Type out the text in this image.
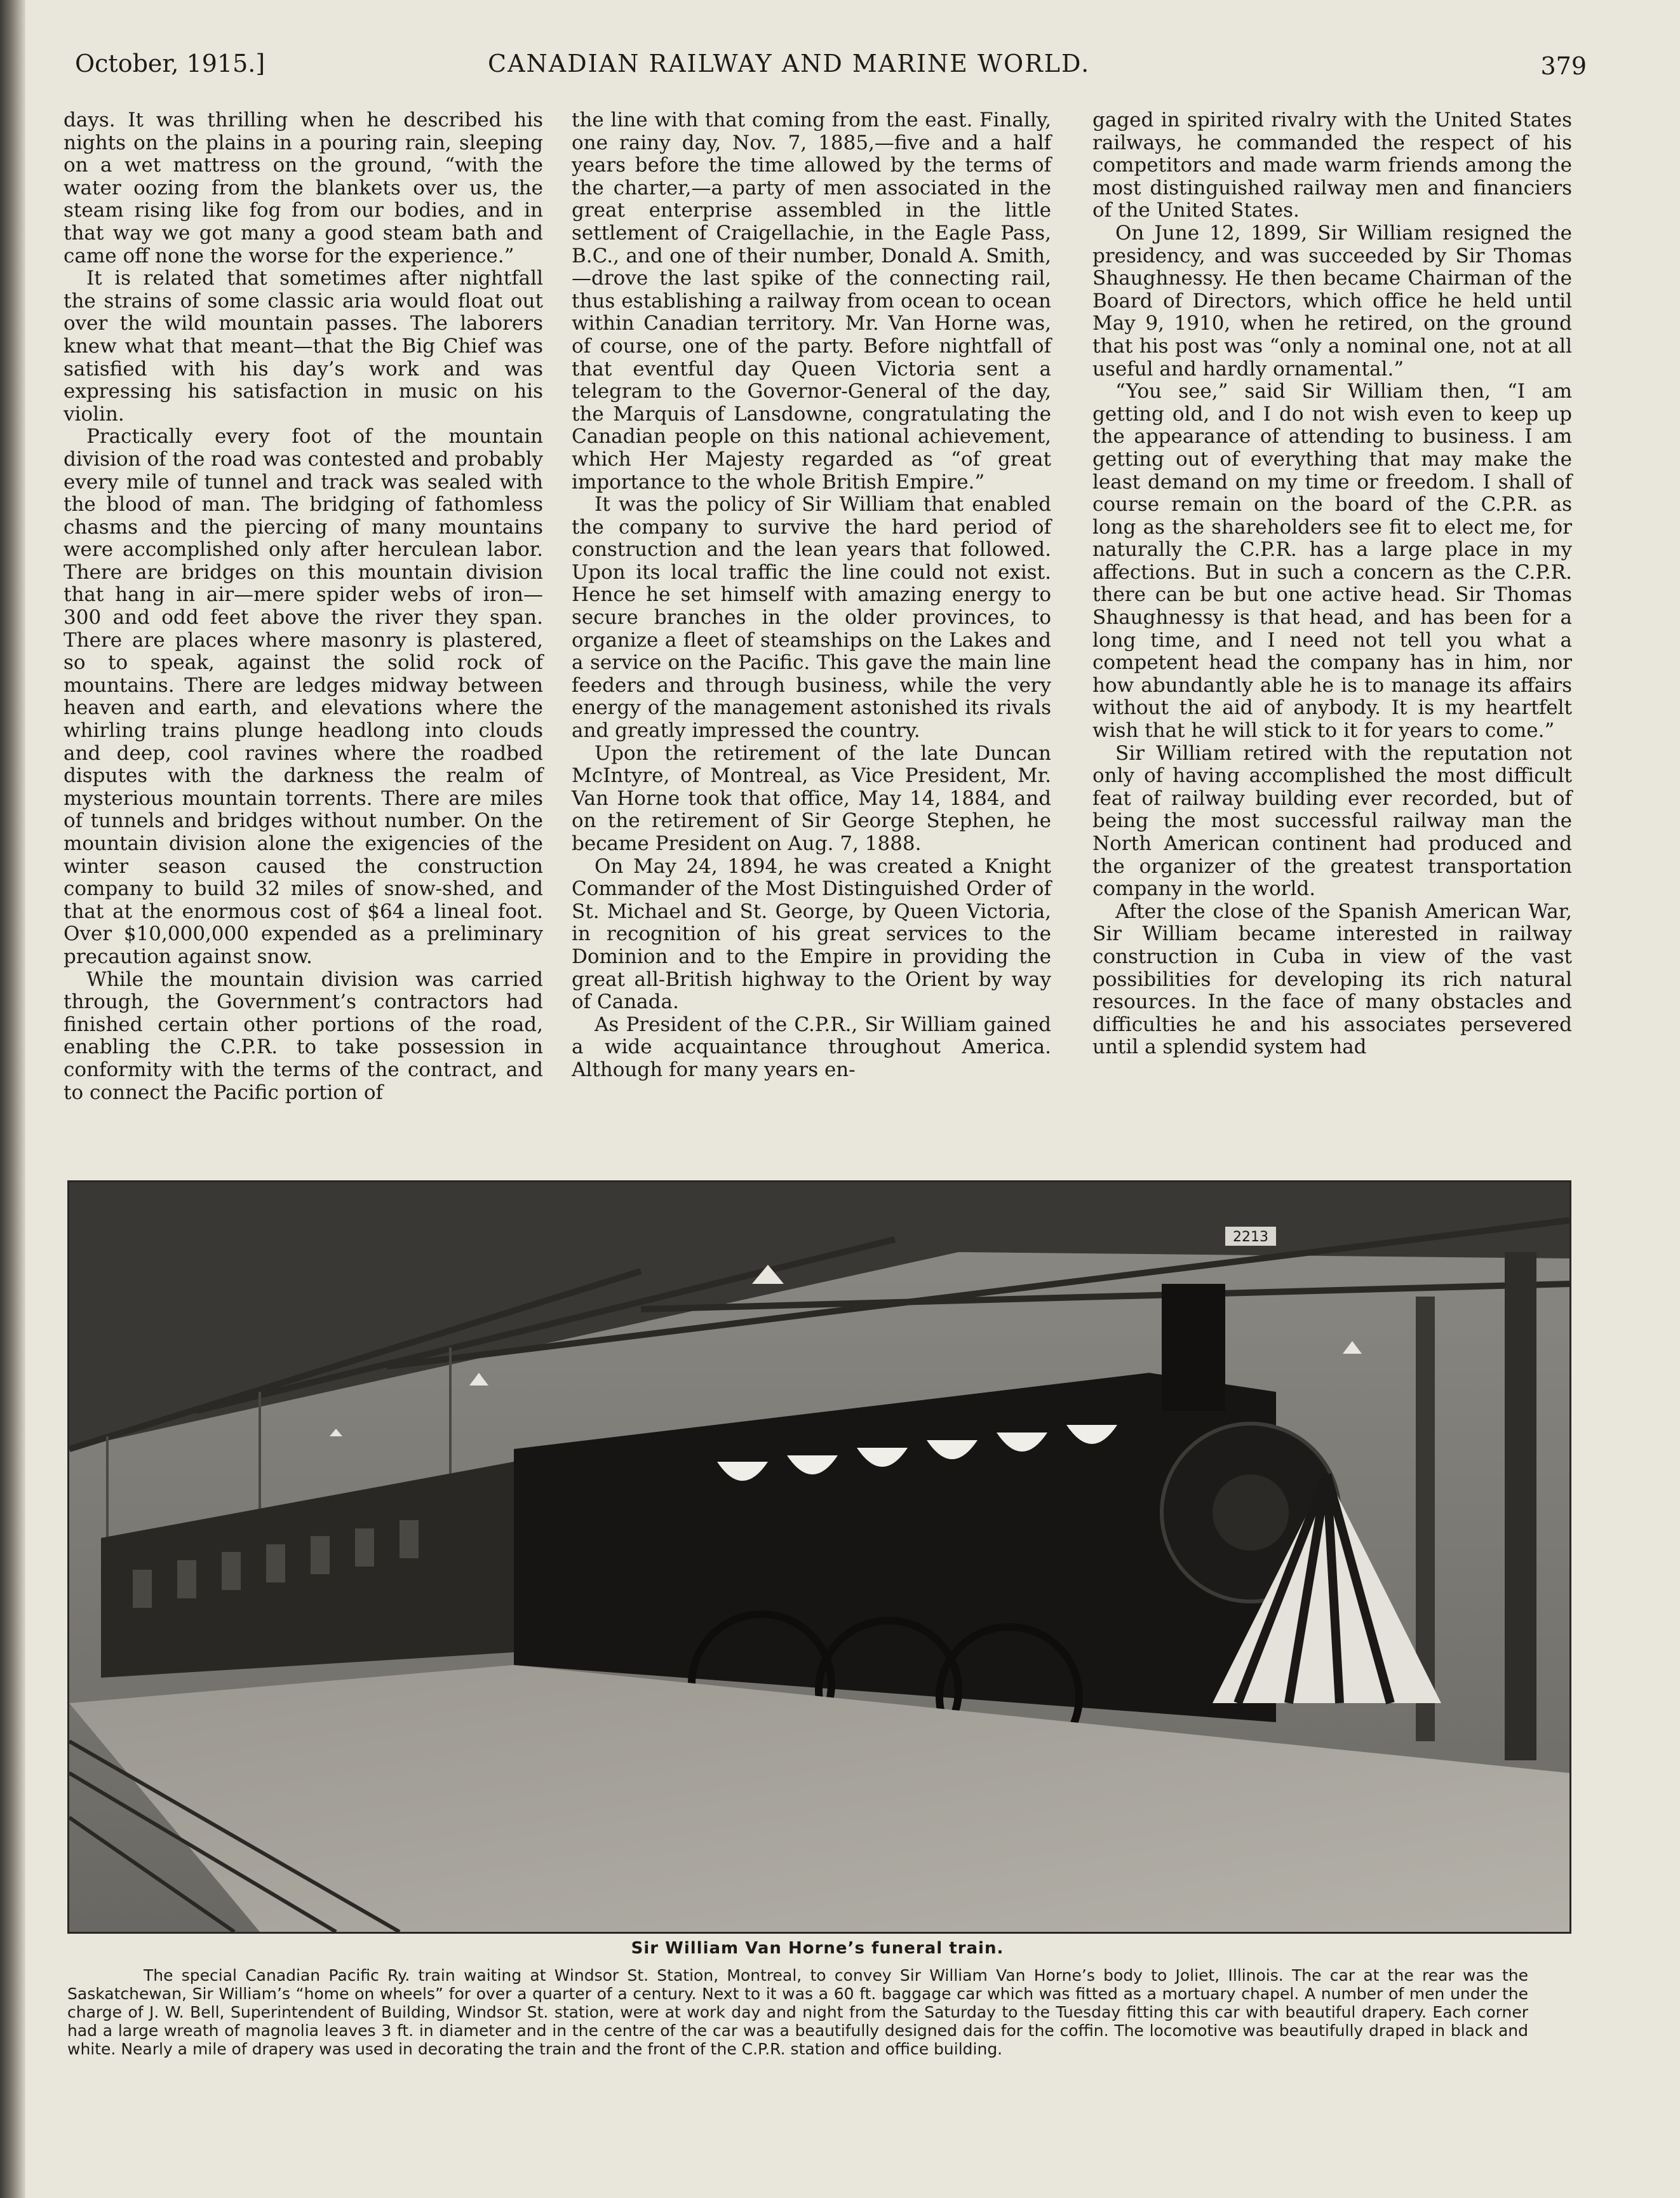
October, 1915.]	CANADIAN RAILWAY AND MARINE WORLD.	379

days. It was thrilling when he described his nights on the plains in a pouring rain, sleeping on a wet mattress on the ground, “with the water oozing from the blankets over us, the steam rising like fog from our bodies, and in that way we got many a good steam bath and came off none the worse for the experience.”

It is related that sometimes after nightfall the strains of some classic aria would float out over the wild mountain passes. The laborers knew what that meant—that the Big Chief was satisfied with his day’s work and was expressing his satisfaction in music on his violin.

Practically every foot of the mountain division of the road was contested and probably every mile of tunnel and track was sealed with the blood of man. The bridging of fathomless chasms and the piercing of many mountains were accomplished only after herculean labor. There are bridges on this mountain division that hang in air—mere spider webs of iron—300 and odd feet above the river they span. There are places where masonry is plastered, so to speak, against the solid rock of mountains. There are ledges midway between heaven and earth, and elevations where the whirling trains plunge headlong into clouds and deep, cool ravines where the roadbed disputes with the darkness the realm of mysterious mountain torrents. There are miles of tunnels and bridges without number. On the mountain division alone the exigencies of the winter season caused the construction company to build 32 miles of snow-shed, and that at the enormous cost of $64 a lineal foot. Over $10,000,000 expended as a preliminary precaution against snow.

While the mountain division was carried through, the Government’s contractors had finished certain other portions of the road, enabling the C.P.R. to take possession in conformity with the terms of the contract, and to connect the Pacific portion of

the line with that coming from the east. Finally, one rainy day, Nov. 7, 1885,—five and a half years before the time allowed by the terms of the charter,—a party of men associated in the great enterprise assembled in the little settlement of Craigellachie, in the Eagle Pass, B.C., and one of their number, Donald A. Smith,—drove the last spike of the connecting rail, thus establishing a railway from ocean to ocean within Canadian territory. Mr. Van Horne was, of course, one of the party. Before nightfall of that eventful day Queen Victoria sent a telegram to the Governor-General of the day, the Marquis of Lansdowne, congratulating the Canadian people on this national achievement, which Her Majesty regarded as “of great importance to the whole British Empire.”

It was the policy of Sir William that enabled the company to survive the hard period of construction and the lean years that followed. Upon its local traffic the line could not exist. Hence he set himself with amazing energy to secure branches in the older provinces, to organize a fleet of steamships on the Lakes and a service on the Pacific. This gave the main line feeders and through business, while the very energy of the management astonished its rivals and greatly impressed the country.

Upon the retirement of the late Duncan McIntyre, of Montreal, as Vice President, Mr. Van Horne took that office, May 14, 1884, and on the retirement of Sir George Stephen, he became President on Aug. 7, 1888.

On May 24, 1894, he was created a Knight Commander of the Most Distinguished Order of St. Michael and St. George, by Queen Victoria, in recognition of his great services to the Dominion and to the Empire in providing the great all-British highway to the Orient by way of Canada.

As President of the C.P.R., Sir William gained a wide acquaintance throughout America. Although for many years en-

gaged in spirited rivalry with the United States railways, he commanded the respect of his competitors and made warm friends among the most distinguished railway men and financiers of the United States.

On June 12, 1899, Sir William resigned the presidency, and was succeeded by Sir Thomas Shaughnessy. He then became Chairman of the Board of Directors, which office he held until May 9, 1910, when he retired, on the ground that his post was “only a nominal one, not at all useful and hardly ornamental.”

“You see,” said Sir William then, “I am getting old, and I do not wish even to keep up the appearance of attending to business. I am getting out of everything that may make the least demand on my time or freedom. I shall of course remain on the board of the C.P.R. as long as the shareholders see fit to elect me, for naturally the C.P.R. has a large place in my affections. But in such a concern as the C.P.R. there can be but one active head. Sir Thomas Shaughnessy is that head, and has been for a long time, and I need not tell you what a competent head the company has in him, nor how abundantly able he is to manage its affairs without the aid of anybody. It is my heartfelt wish that he will stick to it for years to come.”

Sir William retired with the reputation not only of having accomplished the most difficult feat of railway building ever recorded, but of being the most successful railway man the North American continent had produced and the organizer of the greatest transportation company in the world.

After the close of the Spanish American War, Sir William became interested in railway construction in Cuba in view of the vast possibilities for developing its rich natural resources. In the face of many obstacles and difficulties he and his associates persevered until a splendid system had

2213
Sir William Van Horne’s funeral train.
The special Canadian Pacific Ry. train waiting at Windsor St. Station, Montreal, to convey Sir William Van Horne’s body to Joliet, Illinois. The car at the rear was the Saskatchewan, Sir William’s “home on wheels” for over a quarter of a century. Next to it was a 60 ft. baggage car which was fitted as a mortuary chapel. A number of men under the charge of J. W. Bell, Superintendent of Building, Windsor St. station, were at work day and night from the Saturday to the Tuesday fitting this car with beautiful drapery. Each corner had a large wreath of magnolia leaves 3 ft. in diameter and in the centre of the car was a beautifully designed dais for the coffin. The locomotive was beautifully draped in black and white. Nearly a mile of drapery was used in decorating the train and the front of the C.P.R. station and office building.
